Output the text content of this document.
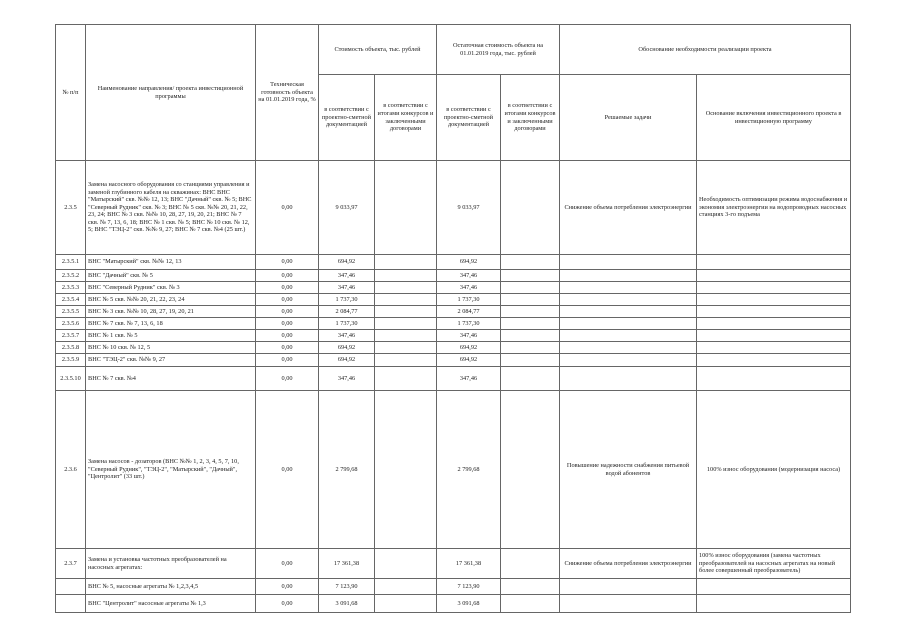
№ п/п	Наименование направления/ проекта инвестиционной программы	Техническая готовность объекта на 01.01.2019 года, %	Стоимость объекта, тыс. рублей		Остаточная стоимость объекта на 01.01.2019 года, тыс. рублей		Обоснование необходимости реализации проекта	
			в соответствии с проектно-сметной документацией	в соответствии с итогами конкурсов и заключенными договорами	в соответствии с проектно-сметной документацией	в соответствии с итогами конкурсов и заключенными договорами	Решаемые задачи	Основание включения инвестиционного проекта в инвестиционную программу
2.3.5	Замена насосного оборудования со станциями управления и заменой глубинного кабеля на скважинах: ВНС ВНС "Матырский" скв. №№ 12, 13; ВНС "Дачный" скв. № 5; ВНС "Северный Рудник" скв. № 3; ВНС № 5 скв. №№ 20, 21, 22, 23, 24; ВНС № 3 скв. №№ 10, 28, 27, 19, 20, 21; ВНС № 7 скв. № 7, 13, 6, 18; ВНС № 1 скв. № 5; ВНС № 10 скв. № 12, 5; ВНС "ТЭЦ-2" скв. №№ 9, 27; ВНС № 7 скв. №4 (25 шт.)	0,00	9 033,97		9 033,97		Снижение объема потребления электроэнергии	Необходимость оптимизации режима водоснабжения и экономия электроэнергии на водопроводных насосных станциях 3-го подъема
2.3.5.1	ВНС "Матырский" скв. №№ 12, 13	0,00	694,92		694,92			
2.3.5.2	ВНС "Дачный" скв. № 5	0,00	347,46		347,46			
2.3.5.3	ВНС "Северный Рудник" скв. № 3	0,00	347,46		347,46			
2.3.5.4	ВНС № 5 скв. №№ 20, 21, 22, 23, 24	0,00	1 737,30		1 737,30			
2.3.5.5	ВНС № 3 скв. №№ 10, 28, 27, 19, 20, 21	0,00	2 084,77		2 084,77			
2.3.5.6	ВНС № 7 скв. № 7, 13, 6, 18	0,00	1 737,30		1 737,30			
2.3.5.7	ВНС № 1 скв. № 5	0,00	347,46		347,46			
2.3.5.8	ВНС № 10 скв. № 12, 5	0,00	694,92		694,92			
2.3.5.9	ВНС "ТЭЦ-2" скв. №№ 9, 27	0,00	694,92		694,92			
2.3.5.10	ВНС № 7 скв. №4	0,00	347,46		347,46			
2.3.6	Замена насосов - дозаторов (ВНС №№ 1, 2, 3, 4, 5, 7, 10, "Северный Рудник", "ТЭЦ-2", "Матырский", "Дачный", "Центролит" (33 шт.)	0,00	2 799,68		2 799,68		Повышение надежности снабжения питьевой водой абонентов	100% износ оборудования (модернизация насоса)
2.3.7	Замена и установка частотных преобразователей на насосных агрегатах:	0,00	17 361,38		17 361,38		Снижение объема потребления электроэнергии	100% износ оборудования (замена частотных преобразователей на насосных агрегатах на новый более совершенный преобразователь)
	ВНС № 5, насосные агрегаты № 1,2,3,4,5	0,00	7 123,90		7 123,90			
	ВНС "Центролит" насосные агрегаты № 1,3	0,00	3 091,68		3 091,68			
